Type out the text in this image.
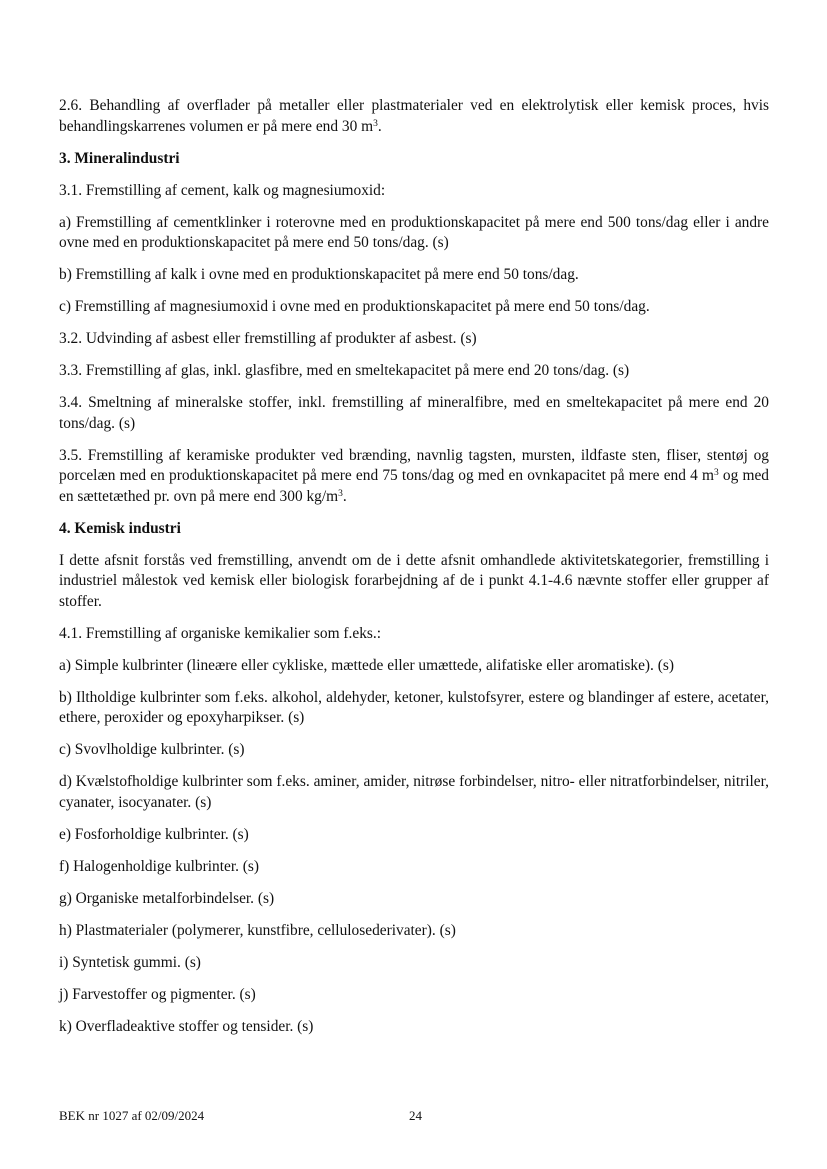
2.6. Behandling af overflader på metaller eller plastmaterialer ved en elektrolytisk eller kemisk proces, hvis behandlingskarrenes volumen er på mere end 30 $m^3$.

3. Mineralindustri

3.1. Fremstilling af cement, kalk og magnesiumoxid:

a) Fremstilling af cementklinker i roterovne med en produktionskapacitet på mere end 500 tons/dag eller i andre ovne med en produktionskapacitet på mere end 50 tons/dag. (s)

b) Fremstilling af kalk i ovne med en produktionskapacitet på mere end 50 tons/dag.

c) Fremstilling af magnesiumoxid i ovne med en produktionskapacitet på mere end 50 tons/dag.

3.2. Udvinding af asbest eller fremstilling af produkter af asbest. (s)

3.3. Fremstilling af glas, inkl. glasfibre, med en smeltekapacitet på mere end 20 tons/dag. (s)

3.4. Smeltning af mineralske stoffer, inkl. fremstilling af mineralfibre, med en smeltekapacitet på mere end 20 tons/dag. (s)

3.5. Fremstilling af keramiske produkter ved brænding, navnlig tagsten, mursten, ildfaste sten, fliser, stentøj og porcelæn med en produktionskapacitet på mere end 75 tons/dag og med en ovnkapacitet på mere end 4 $m^3$ og med en sættetæthed pr. ovn på mere end 300 $kg/m^3$.

4. Kemisk industri

I dette afsnit forstås ved fremstilling, anvendt om de i dette afsnit omhandlede aktivitetskategorier, fremstilling i industriel målestok ved kemisk eller biologisk forarbejdning af de i punkt 4.1-4.6 nævnte stoffer eller grupper af stoffer.

4.1. Fremstilling af organiske kemikalier som f.eks.:

a) Simple kulbrinter (lineære eller cykliske, mættede eller umættede, alifatiske eller aromatiske). (s)

b) Iltholdige kulbrinter som f.eks. alkohol, aldehyder, ketoner, kulstofsyrer, estere og blandinger af estere, acetater, ethere, peroxider og epoxyharpikser. (s)

c) Svovlholdige kulbrinter. (s)

d) Kvælstofholdige kulbrinter som f.eks. aminer, amider, nitrøse forbindelser, nitro- eller nitratforbindelser, nitriler, cyanater, isocyanater. (s)

e) Fosforholdige kulbrinter. (s)

f) Halogenholdige kulbrinter. (s)

g) Organiske metalforbindelser. (s)

h) Plastmaterialer (polymerer, kunstfibre, cellulosederivater). (s)

i) Syntetisk gummi. (s)

j) Farvestoffer og pigmenter. (s)

k) Overfladeaktive stoffer og tensider. (s)

BEK nr 1027 af 02/09/2024	24
